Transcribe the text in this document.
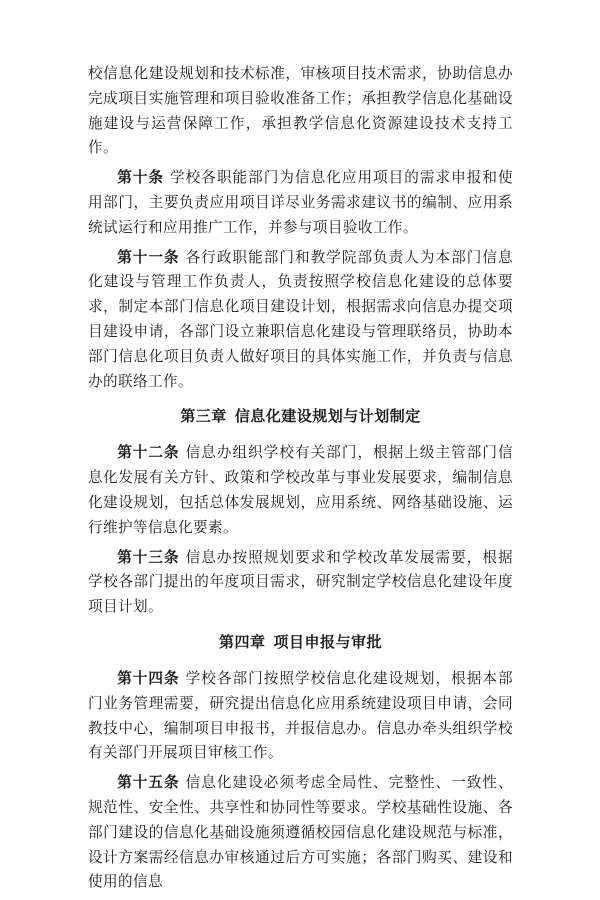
校信息化建设规划和技术标准，审核项目技术需求，协助信息办完成项目实施管理和项目验收准备工作；承担教学信息化基础设施建设与运营保障工作，承担教学信息化资源建设技术支持工作。

第十条 学校各职能部门为信息化应用项目的需求申报和使用部门，主要负责应用项目详尽业务需求建议书的编制、应用系统试运行和应用推广工作，并参与项目验收工作。

第十一条 各行政职能部门和教学院部负责人为本部门信息化建设与管理工作负责人，负责按照学校信息化建设的总体要求，制定本部门信息化项目建设计划，根据需求向信息办提交项目建设申请，各部门设立兼职信息化建设与管理联络员，协助本部门信息化项目负责人做好项目的具体实施工作，并负责与信息办的联络工作。

第三章 信息化建设规划与计划制定

第十二条 信息办组织学校有关部门，根据上级主管部门信息化发展有关方针、政策和学校改革与事业发展要求，编制信息化建设规划，包括总体发展规划，应用系统、网络基础设施、运行维护等信息化要素。

第十三条 信息办按照规划要求和学校改革发展需要，根据学校各部门提出的年度项目需求，研究制定学校信息化建设年度项目计划。

第四章 项目申报与审批

第十四条 学校各部门按照学校信息化建设规划，根据本部门业务管理需要，研究提出信息化应用系统建设项目申请，会同教技中心，编制项目申报书，并报信息办。信息办牵头组织学校有关部门开展项目审核工作。

第十五条 信息化建设必须考虑全局性、完整性、一致性、规范性、安全性、共享性和协同性等要求。学校基础性设施、各部门建设的信息化基础设施须遵循校园信息化建设规范与标准，设计方案需经信息办审核通过后方可实施；各部门购买、建设和使用的信息
